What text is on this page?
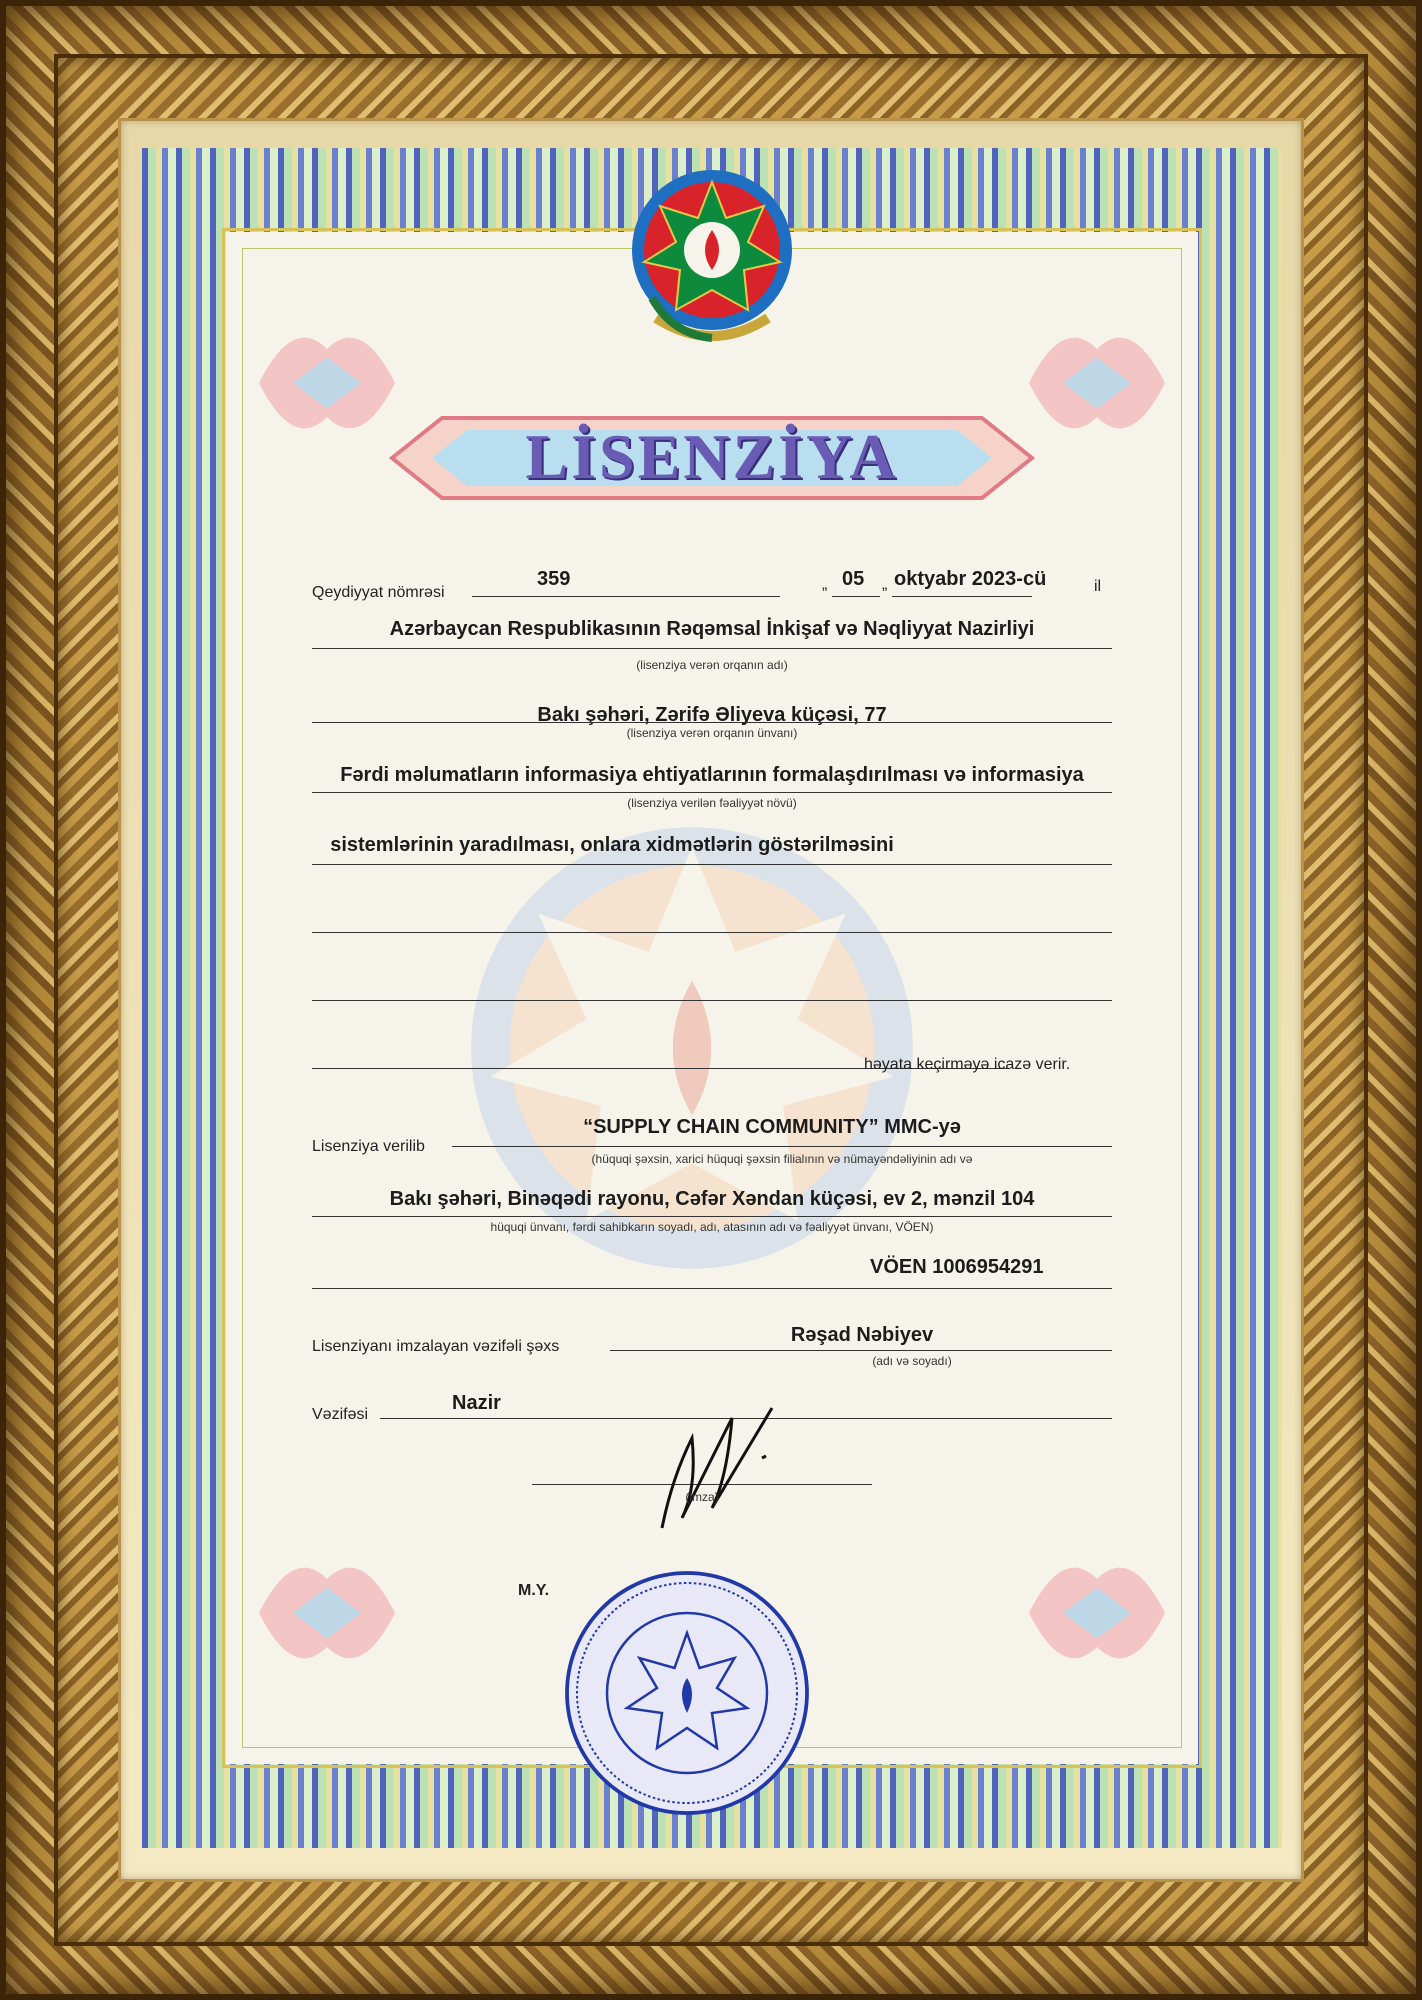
LİSENZİYA
Qeydiyyat nömrəsi
359	„ 05 „ oktyabr 2023-cü	il
Azərbaycan Respublikasının Rəqəmsal İnkişaf və Nəqliyyat Nazirliyi
(lisenziya verən orqanın adı)
Bakı şəhəri, Zərifə Əliyeva küçəsi, 77
(lisenziya verən orqanın ünvanı)
Fərdi məlumatların informasiya ehtiyatlarının formalaşdırılması və informasiya
(lisenziya verilən fəaliyyət növü)
sistemlərinin yaradılması, onlara xidmətlərin göstərilməsini
həyata keçirməyə icazə verir.
Lisenziya verilib
“SUPPLY CHAIN COMMUNITY” MMC-yə
(hüquqi şəxsin, xarici hüquqi şəxsin filialının və nümayəndəliyinin adı və
Bakı şəhəri, Binəqədi rayonu, Cəfər Xəndan küçəsi, ev 2, mənzil 104
hüquqi ünvanı, fərdi sahibkarın soyadı, adı, atasının adı və fəaliyyət ünvanı, VÖEN)
VÖEN 1006954291
Lisenziyanı imzalayan vəzifəli şəxs
Rəşad Nəbiyev
(adı və soyadı)
Vəzifəsi
Nazir
(imza)
M.Y.
